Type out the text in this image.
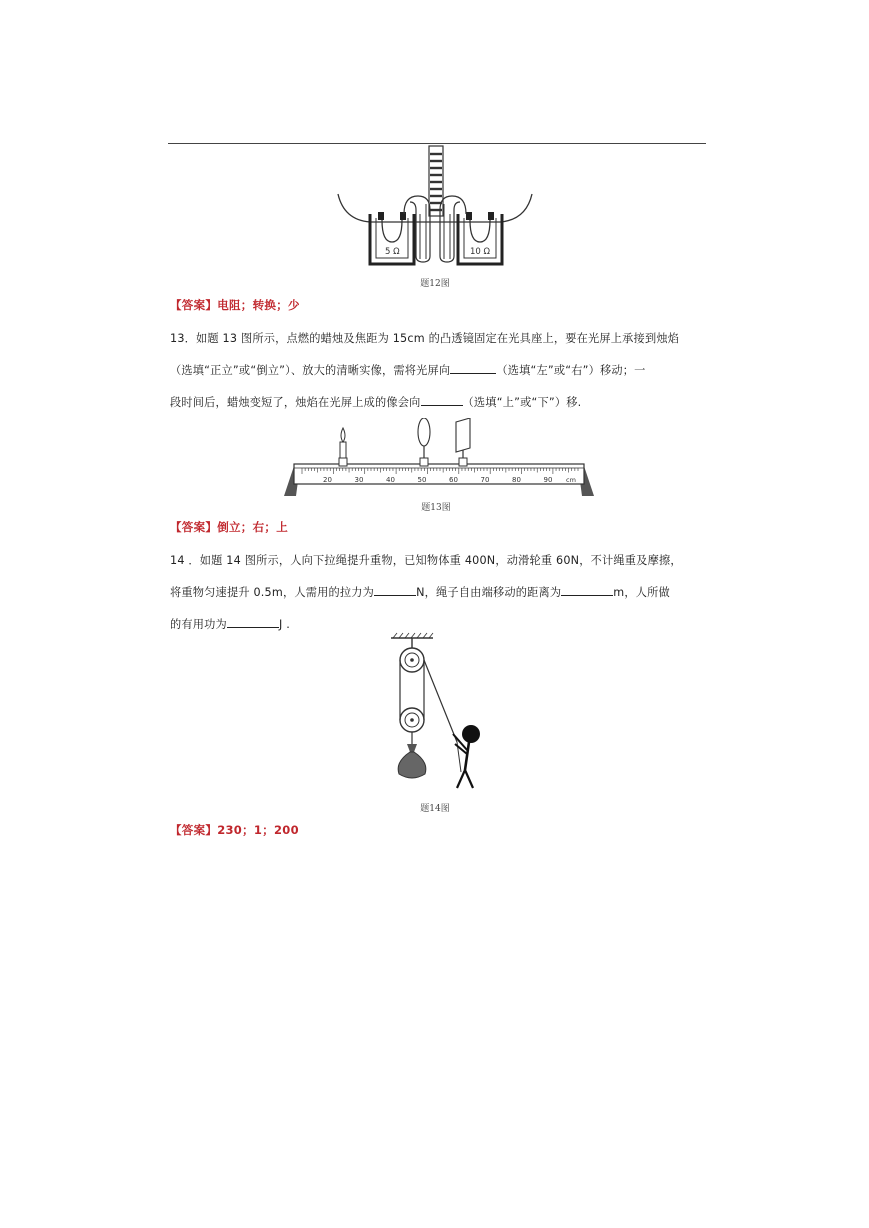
5 Ω	10 Ω
题12图
【答案】电阻；转换；少
13．如题 13 图所示，点燃的蜡烛及焦距为 15cm 的凸透镜固定在光具座上，要在光屏上承接到烛焰
（选填“正立”或“倒立”）、放大的清晰实像，需将光屏向	（选填“左”或“右”）移动；一
段时间后，蜡烛变短了，烛焰在光屏上成的像会向	（选填“上”或“下”）移.
20	30	40	50	60	70	80	90 cm
题13图
【答案】倒立；右；上
14 ．如题 14 图所示，人向下拉绳提升重物，已知物体重 400N，动滑轮重 60N，不计绳重及摩擦，
将重物匀速提升 0.5m，人需用的拉力为	N，绳子自由端移动的距离为	m，人所做
的有用功为	J .
题14图
【答案】230；1；200
